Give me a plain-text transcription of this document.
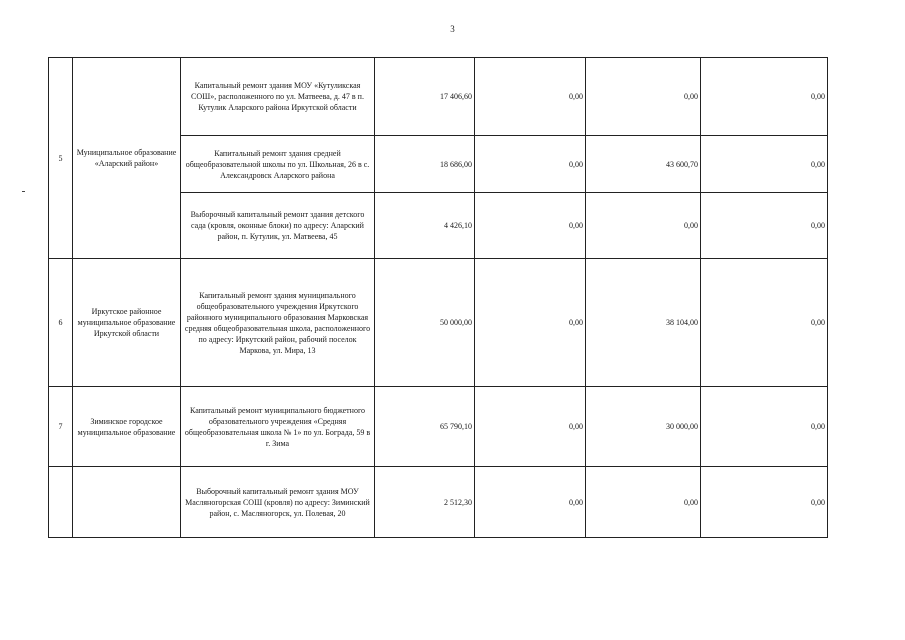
3
5	Муниципальное образование «Аларский район»	Капитальный ремонт здания МОУ «Кутуликская СОШ», расположенного по ул. Матвеева, д. 47 в п. Кутулик Аларского района Иркутской области	17 406,60	0,00	0,00	0,00
		Капитальный ремонт здания средней общеобразовательной школы по ул. Школьная, 26 в с. Александровск Аларского района	18 686,00	0,00	43 600,70	0,00
		Выборочный капитальный ремонт здания детского сада (кровля, оконные блоки) по адресу: Аларский район, п. Кутулик, ул. Матвеева, 45	4 426,10	0,00	0,00	0,00
6	Иркутское районное муниципальное образование Иркутской области	Капитальный ремонт здания муниципального общеобразовательного учреждения Иркутского районного муниципального образования Марковская средняя общеобразовательная школа, расположенного по адресу: Иркутский район, рабочий поселок Маркова, ул. Мира, 13	50 000,00	0,00	38 104,00	0,00
7	Зиминское городское муниципальное образование	Капитальный ремонт муниципального бюджетного образовательного учреждения «Средняя общеобразовательная школа № 1» по ул. Бограда, 59 в г. Зима	65 790,10	0,00	30 000,00	0,00
		Выборочный капитальный ремонт здания МОУ Масляногорская СОШ (кровля) по адресу: Зиминский район, с. Масляногорск, ул. Полевая, 20	2 512,30	0,00	0,00	0,00
